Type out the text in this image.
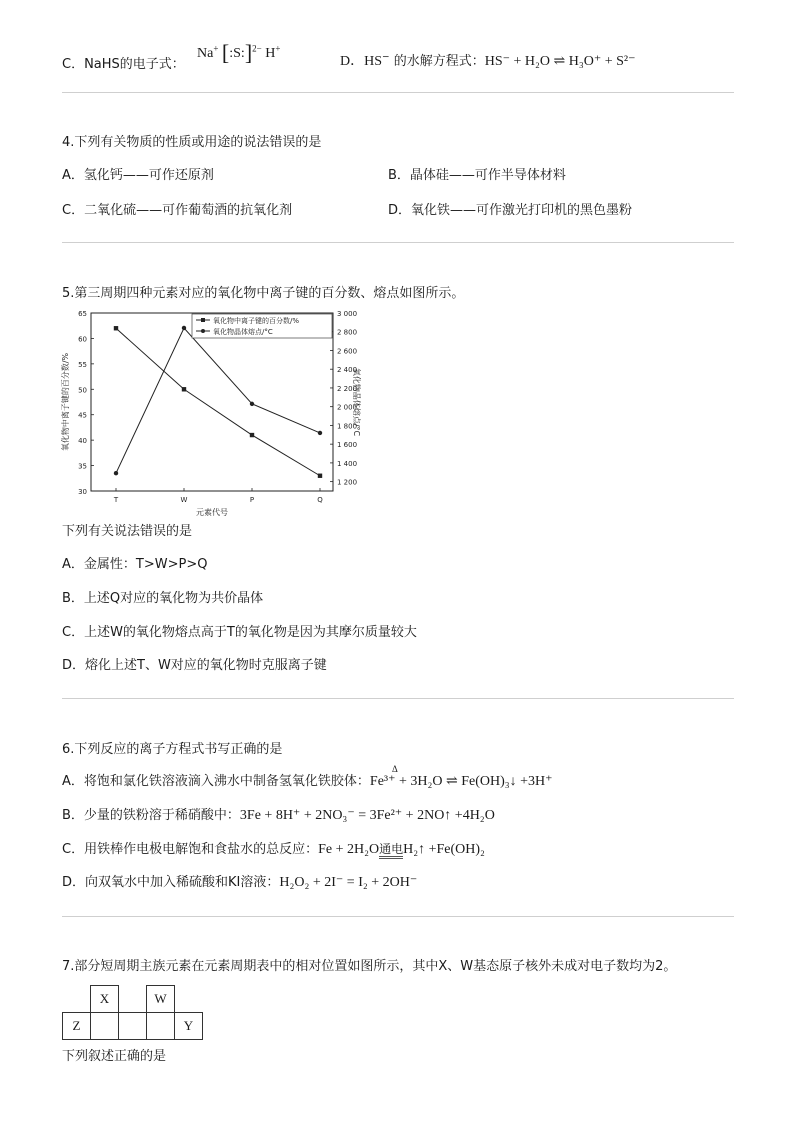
C．NaHS的电子式：
Na+ [:S:]$^{2-}$ H+
D．HS− 的水解方程式：HS⁻ + H₂O ⇌ H₃O⁺ + S²⁻
4.下列有关物质的性质或用途的说法错误的是
A．氢化钙——可作还原剂	B．晶体硅——可作半导体材料
C．二氧化硫——可作葡萄酒的抗氧化剂	D．氧化铁——可作激光打印机的黑色墨粉
5.第三周期四种元素对应的氧化物中离子键的百分数、熔点如图所示。
30
35
40
45
50
55
60
65
1 200
1 400
1 600
1 800
2 000
2 200
2 400
2 600
2 800
3 000
T	W	P	Q
氧化物中离子键的百分数/%
氧化物晶体熔点/°C
元素代号
氧化物中离子键的百分数/%	氧化物晶体熔点/°C
下列有关说法错误的是
A．金属性：T>W>P>Q
B．上述Q对应的氧化物为共价晶体
C．上述W的氧化物熔点高于T的氧化物是因为其摩尔质量较大
D．熔化上述T、W对应的氧化物时克服离子键
6.下列反应的离子方程式书写正确的是
A．将饱和氯化铁溶液滴入沸水中制备氢氧化铁胶体：Fe³⁺ + 3H₂O ⇌ Fe(OH)₃↓ +3H⁺
Δ
B．少量的铁粉溶于稀硝酸中：3Fe + 8H⁺ + 2NO₃⁻ = 3Fe²⁺ + 2NO↑ +4H₂O
C．用铁棒作电极电解饱和食盐水的总反应：Fe + 2H₂O通电H₂↑ +Fe(OH)₂
D．向双氧水中加入稀硫酸和KI溶液：H₂O₂ + 2I⁻ = I₂ + 2OH⁻
7.部分短周期主族元素在元素周期表中的相对位置如图所示，其中X、W基态原子核外未成对电子数均为2。
	X		W	
Z				Y
下列叙述正确的是
